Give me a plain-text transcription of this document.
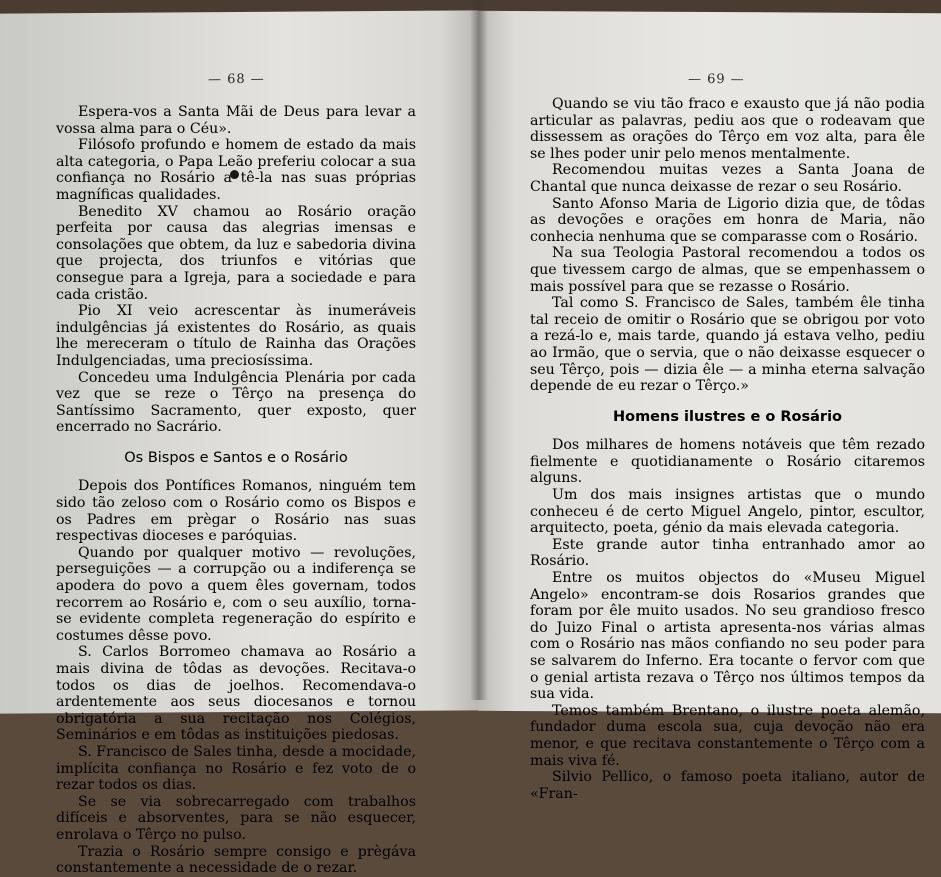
— 68 —	— 69 —

Espera-vos a Santa Mãi de Deus para levar a vossa alma para o Céu».

Filósofo profundo e homem de estado da mais alta categoria, o Papa Leão preferiu colocar a sua confiança no Rosário a tê-la nas suas próprias magníficas qualidades.

Benedito XV chamou ao Rosário oração perfeita por causa das alegrias imensas e consolações que obtem, da luz e sabedoria divina que projecta, dos triunfos e vitórias que consegue para a Igreja, para a sociedade e para cada cristão.

Pio XI veio acrescentar às inumeráveis indulgências já existentes do Rosário, as quais lhe mereceram o título de Rainha das Orações Indulgenciadas, uma preciosíssima.

Concedeu uma Indulgência Plenária por cada vez que se reze o Têrço na presença do Santíssimo Sacramento, quer exposto, quer encerrado no Sacrário.

Os Bispos e Santos e o Rosário

Depois dos Pontífices Romanos, ninguém tem sido tão zeloso com o Rosário como os Bispos e os Padres em prègar o Rosário nas suas respectivas dioceses e paróquias.

Quando por qualquer motivo — revoluções, perseguições — a corrupção ou a indiferença se apodera do povo a quem êles governam, todos recorrem ao Rosário e, com o seu auxílio, torna-se evidente completa regeneração do espírito e costumes dêsse povo.

S. Carlos Borromeo chamava ao Rosário a mais divina de tôdas as devoções. Recitava-o todos os dias de joelhos. Recomendava-o ardentemente aos seus diocesanos e tornou obrigatória a sua recitação nos Colégios, Seminários e em tôdas as instituições piedosas.

S. Francisco de Sales tinha, desde a mocidade, implícita confiança no Rosário e fez voto de o rezar todos os dias.

Se se via sobrecarregado com trabalhos difíceis e absorventes, para se não esquecer, enrolava o Têrço no pulso.

Trazia o Rosário sempre consigo e prègáva constantemente a necessidade de o rezar.

Quando se viu tão fraco e exausto que já não podia articular as palavras, pediu aos que o rodeavam que dissessem as orações do Têrço em voz alta, para êle se lhes poder unir pelo menos mentalmente.

Recomendou muitas vezes a Santa Joana de Chantal que nunca deixasse de rezar o seu Rosário.

Santo Afonso Maria de Ligorio dizia que, de tôdas as devoções e orações em honra de Maria, não conhecia nenhuma que se comparasse com o Rosário.

Na sua Teologia Pastoral recomendou a todos os que tivessem cargo de almas, que se empenhassem o mais possível para que se rezasse o Rosário.

Tal como S. Francisco de Sales, também êle tinha tal receio de omitir o Rosário que se obrigou por voto a rezá-lo e, mais tarde, quando já estava velho, pediu ao Irmão, que o servia, que o não deixasse esquecer o seu Têrço, pois — dizia êle — a minha eterna salvação depende de eu rezar o Têrço.»

Homens ilustres e o Rosário

Dos milhares de homens notáveis que têm rezado fielmente e quotidianamente o Rosário citaremos alguns.

Um dos mais insignes artistas que o mundo conheceu é de certo Miguel Angelo, pintor, escultor, arquitecto, poeta, génio da mais elevada categoria.

Este grande autor tinha entranhado amor ao Rosário.

Entre os muitos objectos do «Museu Miguel Angelo» encontram-se dois Rosarios grandes que foram por êle muito usados. No seu grandioso fresco do Juizo Final o artista apresenta-nos várias almas com o Rosário nas mãos confiando no seu poder para se salvarem do Inferno. Era tocante o fervor com que o genial artista rezava o Têrço nos últimos tempos da sua vida.

Temos também Brentano, o ilustre poeta alemão, fundador duma escola sua, cuja devoção não era menor, e que recitava constantemente o Têrço com a mais viva fé.

Silvio Pellico, o famoso poeta italiano, autor de «Fran-
